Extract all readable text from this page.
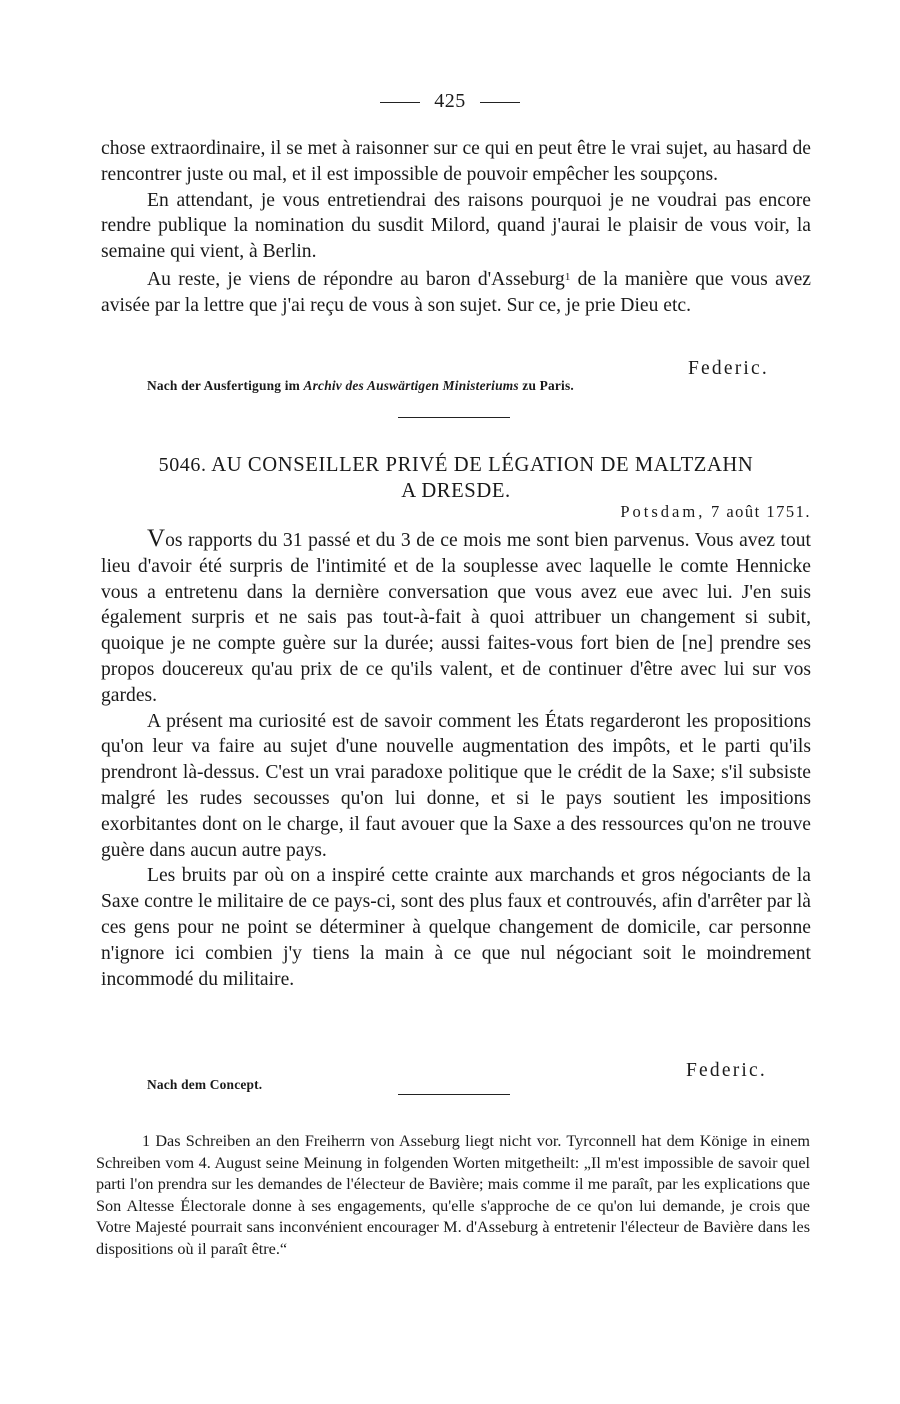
425

chose extraordinaire, il se met à raisonner sur ce qui en peut être le vrai sujet, au hasard de rencontrer juste ou mal, et il est impossible de pouvoir empêcher les soupçons.

En attendant, je vous entretiendrai des raisons pourquoi je ne voudrai pas encore rendre publique la nomination du susdit Milord, quand j'aurai le plaisir de vous voir, la semaine qui vient, à Berlin.

Au reste, je viens de répondre au baron d'Asseburg$^1$ de la manière que vous avez avisée par la lettre que j'ai reçu de vous à son sujet. Sur ce, je prie Dieu etc.

Federic.
Nach der Ausfertigung im Archiv des Auswärtigen Ministeriums zu Paris.
5046. AU CONSEILLER PRIVÉ DE LÉGATION DE MALTZAHN
A DRESDE.
Potsdam, 7 août 1751.

Vos rapports du 31 passé et du 3 de ce mois me sont bien parvenus. Vous avez tout lieu d'avoir été surpris de l'intimité et de la souplesse avec laquelle le comte Hennicke vous a entretenu dans la dernière conversation que vous avez eue avec lui. J'en suis également surpris et ne sais pas tout-à-fait à quoi attribuer un changement si subit, quoique je ne compte guère sur la durée; aussi faites-vous fort bien de [ne] prendre ses propos doucereux qu'au prix de ce qu'ils valent, et de continuer d'être avec lui sur vos gardes.

A présent ma curiosité est de savoir comment les États regarderont les propositions qu'on leur va faire au sujet d'une nouvelle augmentation des impôts, et le parti qu'ils prendront là-dessus. C'est un vrai paradoxe politique que le crédit de la Saxe; s'il subsiste malgré les rudes secousses qu'on lui donne, et si le pays soutient les impositions exorbitantes dont on le charge, il faut avouer que la Saxe a des ressources qu'on ne trouve guère dans aucun autre pays.

Les bruits par où on a inspiré cette crainte aux marchands et gros négociants de la Saxe contre le militaire de ce pays-ci, sont des plus faux et controuvés, afin d'arrêter par là ces gens pour ne point se déterminer à quelque changement de domicile, car personne n'ignore ici combien j'y tiens la main à ce que nul négociant soit le moindrement incommodé du militaire.

Federic.
Nach dem Concept.

1 Das Schreiben an den Freiherrn von Asseburg liegt nicht vor. Tyrconnell hat dem Könige in einem Schreiben vom 4. August seine Meinung in folgenden Worten mitgetheilt: „Il m'est impossible de savoir quel parti l'on prendra sur les demandes de l'électeur de Bavière; mais comme il me paraît, par les explications que Son Altesse Électorale donne à ses engagements, qu'elle s'approche de ce qu'on lui demande, je crois que Votre Majesté pourrait sans inconvénient encourager M. d'Asseburg à entretenir l'électeur de Bavière dans les dispositions où il paraît être.“
